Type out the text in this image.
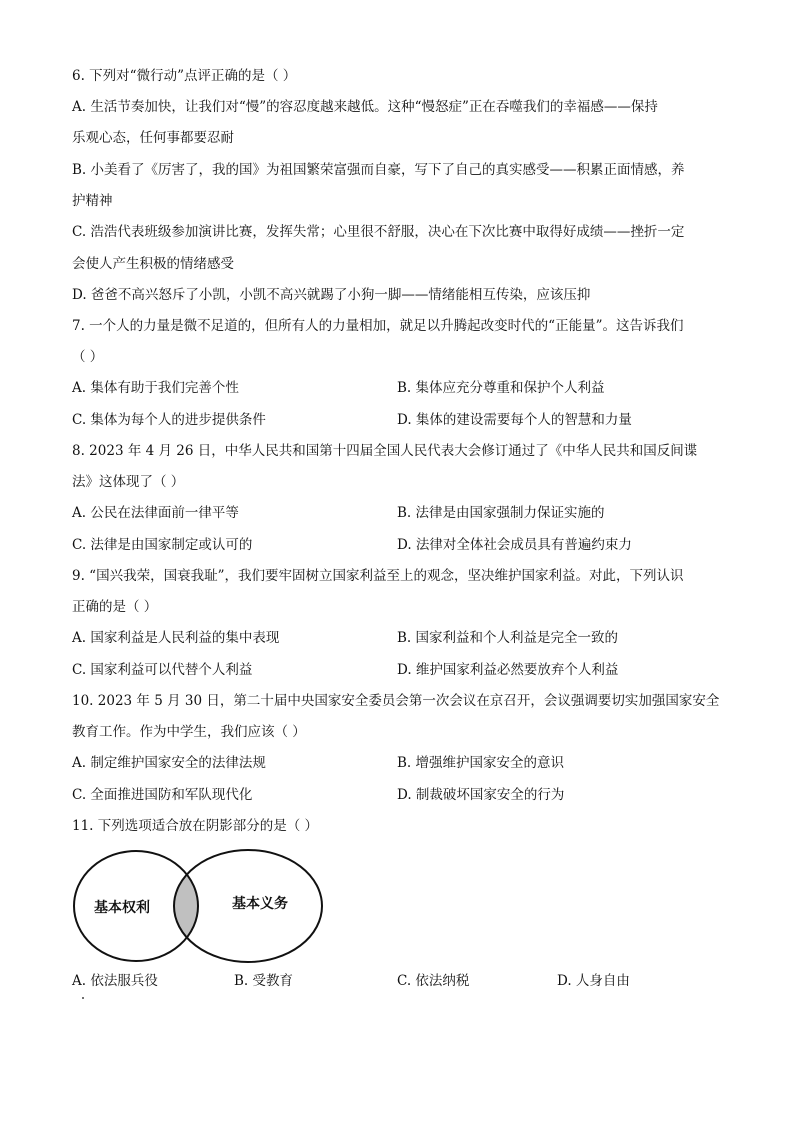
6. 下列对“微行动”点评正确的是（ ）
A. 生活节奏加快，让我们对“慢”的容忍度越来越低。这种“慢怒症”正在吞噬我们的幸福感——保持
乐观心态，任何事都要忍耐
B. 小美看了《厉害了，我的国》为祖国繁荣富强而自豪，写下了自己的真实感受——积累正面情感，养
护精神
C. 浩浩代表班级参加演讲比赛，发挥失常；心里很不舒服，决心在下次比赛中取得好成绩——挫折一定
会使人产生积极的情绪感受
D. 爸爸不高兴怒斥了小凯，小凯不高兴就踢了小狗一脚——情绪能相互传染，应该压抑
7. 一个人的力量是微不足道的，但所有人的力量相加，就足以升腾起改变时代的“正能量”。这告诉我们
（ ）
A. 集体有助于我们完善个性	B. 集体应充分尊重和保护个人利益
C. 集体为每个人的进步提供条件	D. 集体的建设需要每个人的智慧和力量
8. 2023 年 4 月 26 日，中华人民共和国第十四届全国人民代表大会修订通过了《中华人民共和国反间谍
法》这体现了（ ）
A. 公民在法律面前一律平等	B. 法律是由国家强制力保证实施的
C. 法律是由国家制定或认可的	D. 法律对全体社会成员具有普遍约束力
9. “国兴我荣，国衰我耻”，我们要牢固树立国家利益至上的观念，坚决维护国家利益。对此，下列认识
正确的是（ ）
A. 国家利益是人民利益的集中表现	B. 国家利益和个人利益是完全一致的
C. 国家利益可以代替个人利益	D. 维护国家利益必然要放弃个人利益
10. 2023 年 5 月 30 日，第二十届中央国家安全委员会第一次会议在京召开，会议强调要切实加强国家安全
教育工作。作为中学生，我们应该（ ）
A. 制定维护国家安全的法律法规	B. 增强维护国家安全的意识
C. 全面推进国防和军队现代化	D. 制裁破坏国家安全的行为
11. 下列选项适合放在阴影部分的是（ ）
基本权利	基本义务
A. 依法服兵役	B. 受教育	C. 依法纳税	D. 人身自由
